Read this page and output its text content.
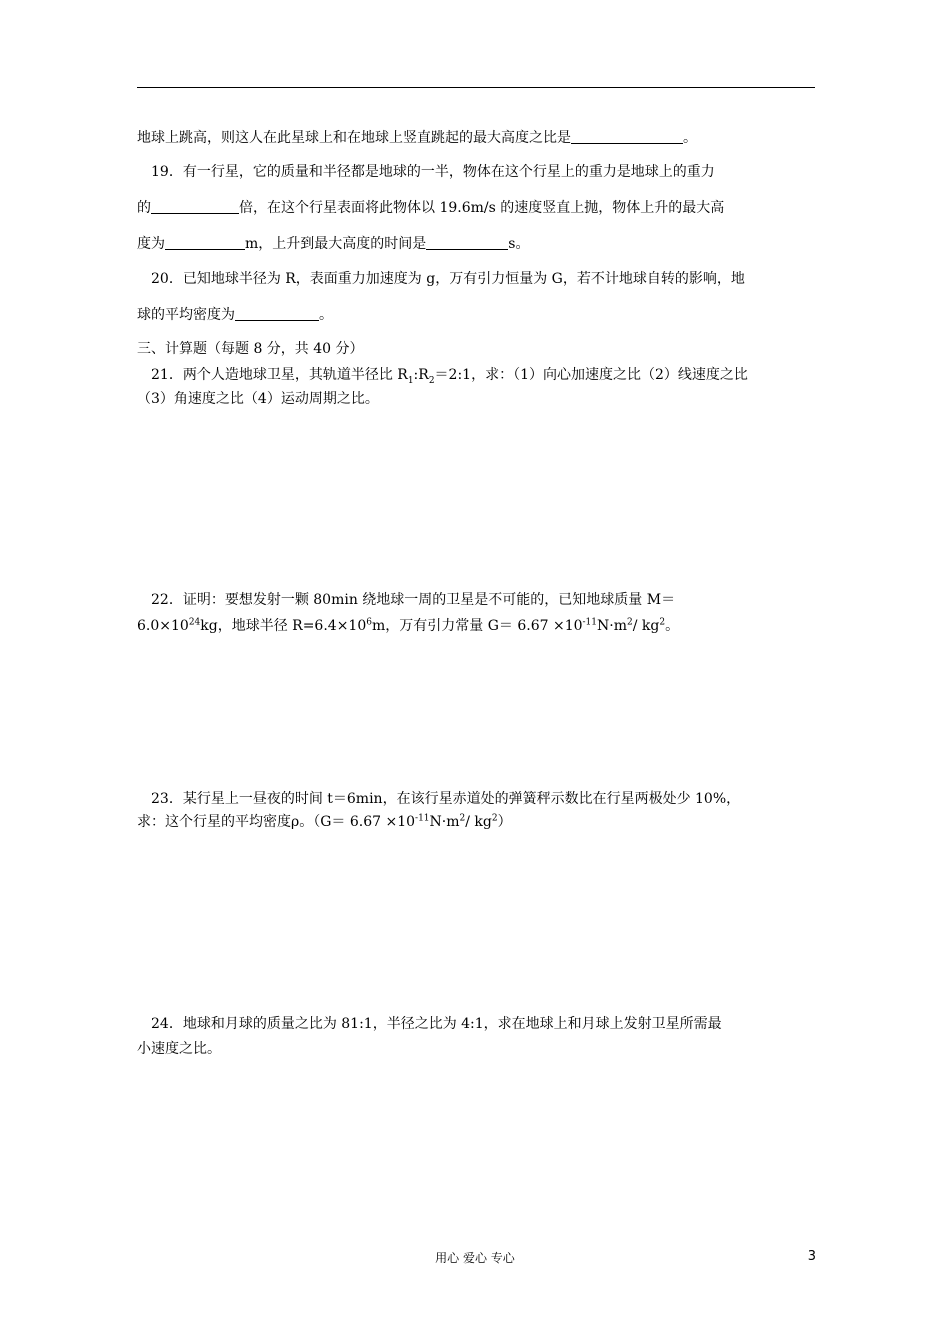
地球上跳高，则这人在此星球上和在地球上竖直跳起的最大高度之比是	。
19．有一行星，它的质量和半径都是地球的一半，物体在这个行星上的重力是地球上的重力
的	倍，在这个行星表面将此物体以 19.6m/s 的速度竖直上抛，物体上升的最大高
度为	m，上升到最大高度的时间是	s。
20．已知地球半径为 R，表面重力加速度为 g，万有引力恒量为 G，若不计地球自转的影响，地
球的平均密度为	。
三、计算题（每题 8 分，共 40 分）
21．两个人造地球卫星，其轨道半径比 $R_1:R_2=2:1$，求：（1）向心加速度之比（2）线速度之比
（3）角速度之比（4）运动周期之比。
22．证明：要想发射一颗 80min 绕地球一周的卫星是不可能的，已知地球质量 M＝
$6.0\times 10^{24}kg$，地球半径 $R=6.4\times 10^6m$，万有引力常量 $G= 6.67 \times 10^{-11}N\cdot m^2/$ $kg^2$。
23．某行星上一昼夜的时间 t＝6min，在该行星赤道处的弹簧秤示数比在行星两极处少 10%，
求：这个行星的平均密度ρ。（$G= 6.67 \times 10^{-11}N\cdot m^2/$ $kg^2$）
24．地球和月球的质量之比为 81:1，半径之比为 4:1，求在地球上和月球上发射卫星所需最
小速度之比。
用心 爱心 专心	3
